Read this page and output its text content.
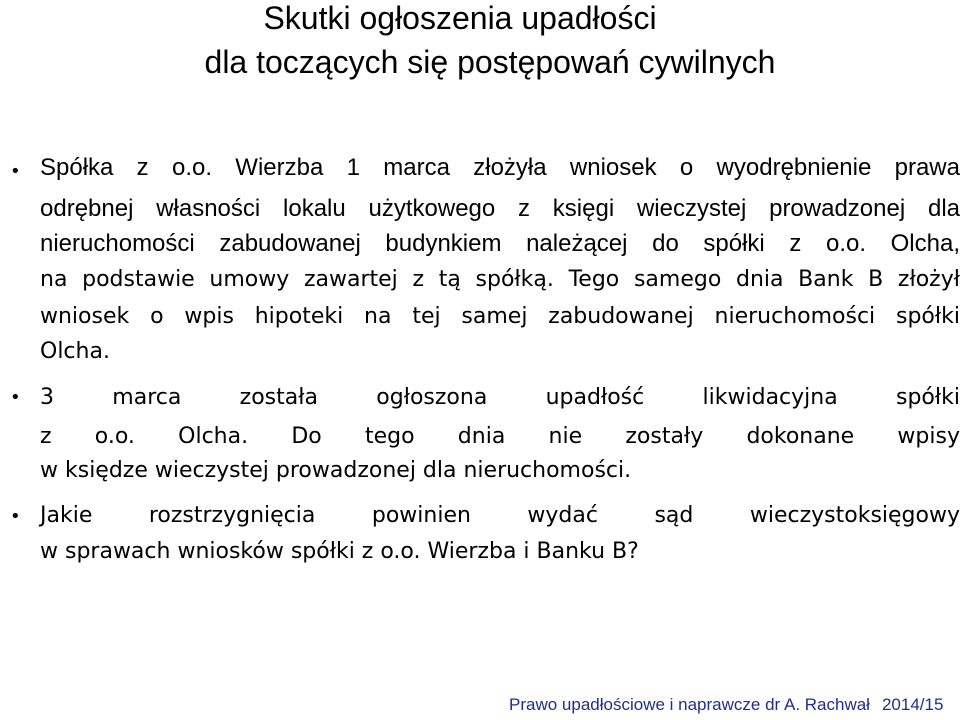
Skutki ogłoszenia upadłości
dla toczących się postępowań cywilnych
• Spółka z o.o. Wierzba 1 marca złożyła wniosek o wyodrębnienie prawa
odrębnej własności lokalu użytkowego z księgi wieczystej prowadzonej dla
nieruchomości zabudowanej budynkiem należącej do spółki z o.o. Olcha,
na podstawie umowy zawartej z tą spółką. Tego samego dnia Bank B złożył
wniosek o wpis hipoteki na tej samej zabudowanej nieruchomości spółki
Olcha.
• 3 marca została ogłoszona upadłość likwidacyjna spółki
z o.o. Olcha. Do tego dnia nie zostały dokonane wpisy
w księdze wieczystej prowadzonej dla nieruchomości.
• Jakie rozstrzygnięcia powinien wydać sąd wieczystoksięgowy
w sprawach wniosków spółki z o.o. Wierzba i Banku B?
Prawo upadłościowe i naprawcze dr A. Rachwał 2014/15
